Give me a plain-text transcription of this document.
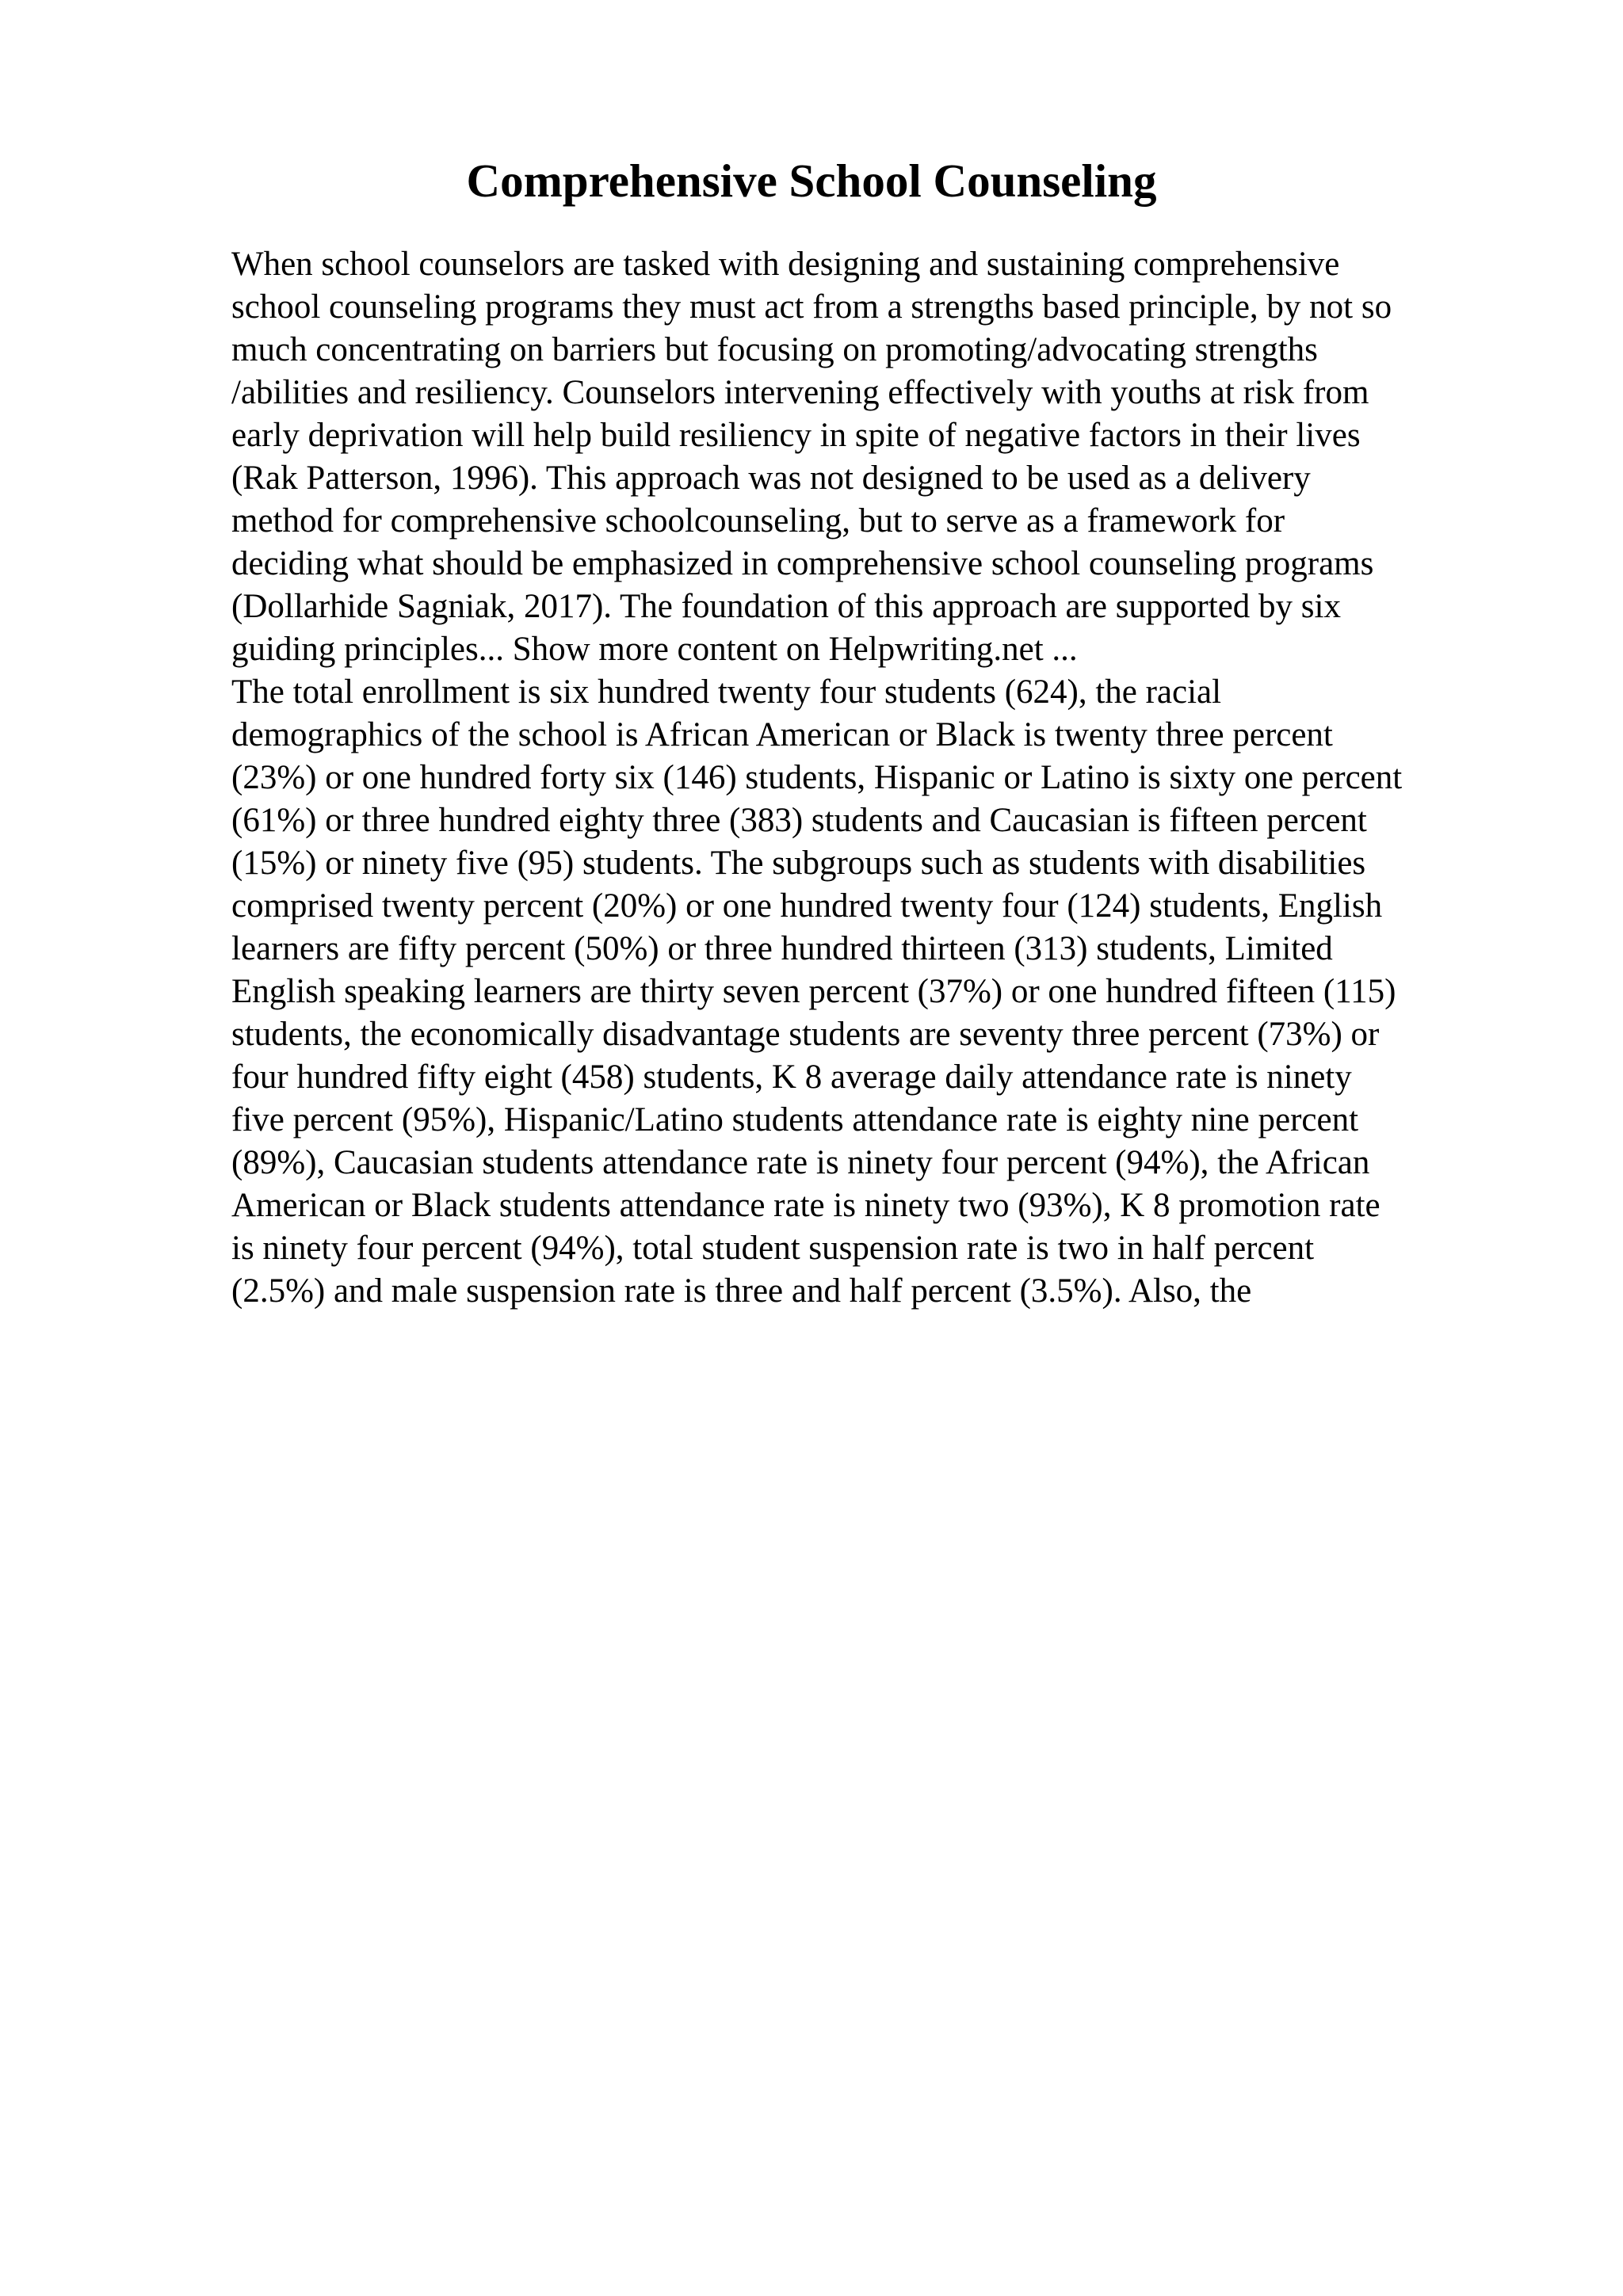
Comprehensive School Counseling
When school counselors are tasked with designing and sustaining comprehensive
school counseling programs they must act from a strengths based principle, by not so
much concentrating on barriers but focusing on promoting/advocating strengths
/abilities and resiliency. Counselors intervening effectively with youths at risk from
early deprivation will help build resiliency in spite of negative factors in their lives
(Rak Patterson, 1996). This approach was not designed to be used as a delivery
method for comprehensive schoolcounseling, but to serve as a framework for
deciding what should be emphasized in comprehensive school counseling programs
(Dollarhide Sagniak, 2017). The foundation of this approach are supported by six
guiding principles... Show more content on Helpwriting.net ...
The total enrollment is six hundred twenty four students (624), the racial
demographics of the school is African American or Black is twenty three percent
(23%) or one hundred forty six (146) students, Hispanic or Latino is sixty one percent
(61%) or three hundred eighty three (383) students and Caucasian is fifteen percent
(15%) or ninety five (95) students. The subgroups such as students with disabilities
comprised twenty percent (20%) or one hundred twenty four (124) students, English
learners are fifty percent (50%) or three hundred thirteen (313) students, Limited
English speaking learners are thirty seven percent (37%) or one hundred fifteen (115)
students, the economically disadvantage students are seventy three percent (73%) or
four hundred fifty eight (458) students, K 8 average daily attendance rate is ninety
five percent (95%), Hispanic/Latino students attendance rate is eighty nine percent
(89%), Caucasian students attendance rate is ninety four percent (94%), the African
American or Black students attendance rate is ninety two (93%), K 8 promotion rate
is ninety four percent (94%), total student suspension rate is two in half percent
(2.5%) and male suspension rate is three and half percent (3.5%). Also, the
